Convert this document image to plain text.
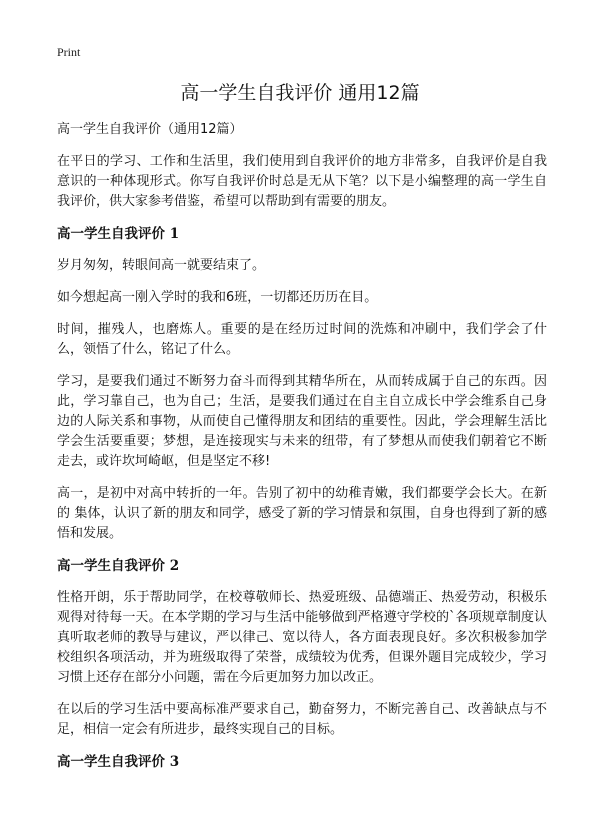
Print
高一学生自我评价 通用12篇

高一学生自我评价（通用12篇）

在平日的学习、工作和生活里，我们使用到自我评价的地方非常多，自我评价是自我意识的一种体现形式。你写自我评价时总是无从下笔？以下是小编整理的高一学生自我评价，供大家参考借鉴，希望可以帮助到有需要的朋友。

高一学生自我评价 1

岁月匆匆，转眼间高一就要结束了。

如今想起高一刚入学时的我和6班，一切都还历历在目。

时间，摧残人，也磨炼人。重要的是在经历过时间的洗炼和冲刷中，我们学会了什么，领悟了什么，铭记了什么。

学习，是要我们通过不断努力奋斗而得到其精华所在，从而转成属于自己的东西。因此，学习靠自己，也为自己；生活，是要我们通过在自主自立成长中学会维系自己身边的人际关系和事物，从而使自己懂得朋友和团结的重要性。因此，学会理解生活比学会生活要重要；梦想，是连接现实与未来的纽带，有了梦想从而使我们朝着它不断走去，或许坎坷崎岖，但是坚定不移!

高一，是初中对高中转折的一年。告别了初中的幼稚青嫩，我们都要学会长大。在新的 集体，认识了新的朋友和同学，感受了新的学习情景和氛围，自身也得到了新的感悟和发展。

高一学生自我评价 2

性格开朗，乐于帮助同学，在校尊敬师长、热爱班级、品德端正、热爱劳动，积极乐观得对待每一天。在本学期的学习与生活中能够做到严格遵守学校的`各项规章制度认真听取老师的教导与建议，严以律己、宽以待人，各方面表现良好。多次积极参加学校组织各项活动，并为班级取得了荣誉，成绩较为优秀，但课外题目完成较少，学习习惯上还存在部分小问题，需在今后更加努力加以改正。

在以后的学习生活中要高标准严要求自己，勤奋努力，不断完善自己、改善缺点与不足，相信一定会有所进步，最终实现自己的目标。

高一学生自我评价 3
